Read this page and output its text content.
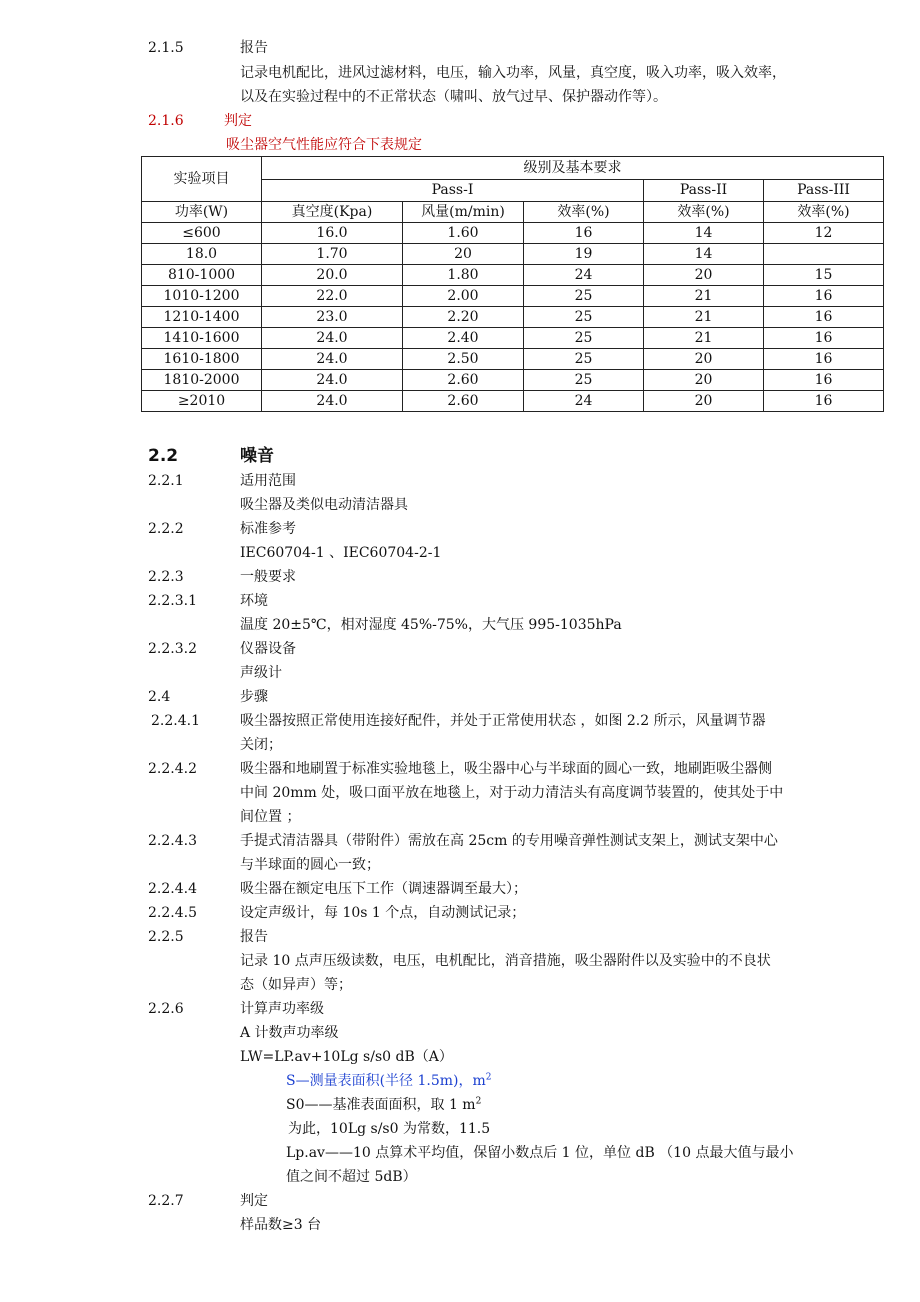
2.1.5	报告
记录电机配比，进风过滤材料，电压，输入功率，风量，真空度，吸入功率，吸入效率，
以及在实验过程中的不正常状态（啸叫、放气过早、保护器动作等）。
2.1.6	判定
吸尘器空气性能应符合下表规定
实验项目	级别及基本要求				
	Pass-I			Pass-II	Pass-III
功率(W)	真空度(Kpa)	风量(m/min)	效率(%)	效率(%)	效率(%)
≤600	16.0	1.60	16	14	12
18.0	1.70	20	19	14	
810-1000	20.0	1.80	24	20	15
1010-1200	22.0	2.00	25	21	16
1210-1400	23.0	2.20	25	21	16
1410-1600	24.0	2.40	25	21	16
1610-1800	24.0	2.50	25	20	16
1810-2000	24.0	2.60	25	20	16
≥2010	24.0	2.60	24	20	16
2.2	噪音
2.2.1	适用范围
吸尘器及类似电动清洁器具
2.2.2	标准参考
IEC60704-1 、IEC60704-2-1
2.2.3	一般要求
2.2.3.1	环境
温度 20±5℃，相对湿度 45%-75%，大气压 995-1035hPa
2.2.3.2	仪器设备
声级计
2.4	步骤
2.2.4.1	吸尘器按照正常使用连接好配件，并处于正常使用状态 ，如图 2.2 所示，风量调节器
关闭；
2.2.4.2	吸尘器和地刷置于标准实验地毯上，吸尘器中心与半球面的圆心一致，地刷距吸尘器侧
中间 20mm 处，吸口面平放在地毯上，对于动力清洁头有高度调节装置的，使其处于中
间位置 ；
2.2.4.3	手提式清洁器具（带附件）需放在高 25cm 的专用噪音弹性测试支架上，测试支架中心
与半球面的圆心一致；
2.2.4.4	吸尘器在额定电压下工作（调速器调至最大）；
2.2.4.5	设定声级计，每 10s 1 个点，自动测试记录；
2.2.5	报告
记录 10 点声压级读数，电压，电机配比，消音措施，吸尘器附件以及实验中的不良状
态（如异声）等；
2.2.6	计算声功率级
A 计数声功率级
LW=LP.av+10Lg s/s0 dB（A）
S—测量表面积(半径 1.5m)，$m^2$
S0——基准表面面积，取 1 $m^2$
为此，10Lg s/s0 为常数，11.5
Lp.av——10 点算术平均值，保留小数点后 1 位，单位 dB （10 点最大值与最小
值之间不超过 5dB）
2.2.7	判定
样品数≥3 台
